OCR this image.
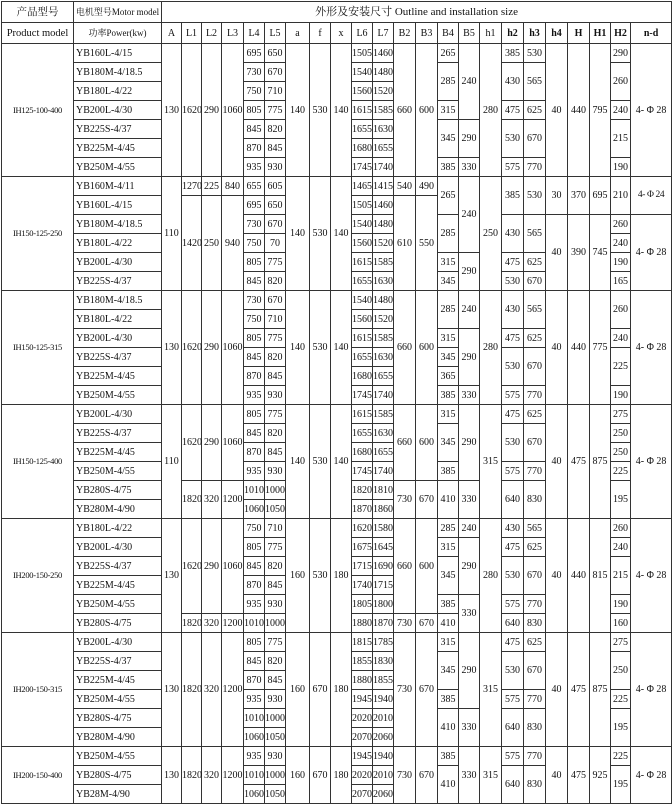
产品型号	电机型号Motor model	外形及安装尺寸 Outline and installation size																						
Product model	功率Power(kw)	A	L1	L2	L3	L4	L5	a	f	x	L6	L7	B2	B3	B4	B5	h1	h2	h3	h4	H	H1	H2	n-d
IH125-100-400	YB160L-4/15	130	1620	290	1060	695	650	140	530	140	1505	1460	660	600	265	240	280	385	530	40	440	795	290	4- Φ 28
	YB180M-4/18.5					730	670				1540	1480			285			430	565				260	
	YB180L-4/22					750	710				1560	1520												
	YB200L-4/30					805	775				1615	1585			315			475	625				240	
	YB225S-4/37					845	820				1655	1630			345	290		530	670				215	
	YB225M-4/45					870	845				1680	1655												
	YB250M-4/55					935	930				1745	1740			385	330		575	770				190	
IH150-125-250	YB160M-4/11	110	1270	225	840	655	605	140	530	140	1465	1415	540	490	265	240	250	385	530	30	370	695	210	4- Φ 24
	YB160L-4/15		1420	250	940	695	650				1505	1460	610	550										
	YB180M-4/18.5					730	670				1540	1480			285			430	565	40	390	745	260	4- Φ 28
	YB180L-4/22					750	70				1560	1520											240	
	YB200L-4/30					805	775				1615	1585			315	290		475	625				190	
	YB225S-4/37					845	820				1655	1630			345			530	670				165	
IH150-125-315	YB180M-4/18.5	130	1620	290	1060	730	670	140	530	140	1540	1480	660	600	285	240	280	430	565	40	440	775	260	4- Φ 28
	YB180L-4/22					750	710				1560	1520												
	YB200L-4/30					805	775				1615	1585			315	290		475	625				240	
	YB225S-4/37					845	820				1655	1630			345			530	670				225	
	YB225M-4/45					870	845				1680	1655			365									
	YB250M-4/55					935	930				1745	1740			385	330		575	770				190	
IH150-125-400	YB200L-4/30	110	1620	290	1060	805	775	140	530	140	1615	1585	660	600	315	290	315	475	625	40	475	875	275	4- Φ 28
	YB225S-4/37					845	820				1655	1630			345			530	670				250	
	YB225M-4/45					870	845				1680	1655											250	
	YB250M-4/55					935	930				1745	1740			385			575	770				225	
	YB280S-4/75		1820	320	1200	1010	1000				1820	1810	730	670	410	330		640	830				195	
	YB280M-4/90					1060	1050				1870	1860												
IH200-150-250	YB180L-4/22	130	1620	290	1060	750	710	160	530	180	1620	1580	660	600	285	240	280	430	565	40	440	815	260	4- Φ 28
	YB200L-4/30					805	775				1675	1645			315	290		475	625				240	
	YB225S-4/37					845	820				1715	1690			345			530	670				215	
	YB225M-4/45					870	845				1740	1715												
	YB250M-4/55					935	930				1805	1800			385	330		575	770				190	
	YB280S-4/75		1820	320	1200	1010	1000				1880	1870	730	670	410			640	830				160	
IH200-150-315	YB200L-4/30	130	1820	320	1200	805	775	160	670	180	1815	1785	730	670	315	290	315	475	625	40	475	875	275	4- Φ 28
	YB225S-4/37					845	820				1855	1830			345			530	670				250	
	YB225M-4/45					870	845				1880	1855												
	YB250M-4/55					935	930				1945	1940			385			575	770				225	
	YB280S-4/75					1010	1000				2020	2010			410	330		640	830				195	
	YB280M-4/90					1060	1050				2070	2060												
IH200-150-400	YB250M-4/55	130	1820	320	1200	935	930	160	670	180	1945	1940	730	670	385	330	315	575	770	40	475	925	225	4- Φ 28
	YB280S-4/75					1010	1000				2020	2010			410			640	830				195	
	YB28M-4/90					1060	1050				2070	2060												
